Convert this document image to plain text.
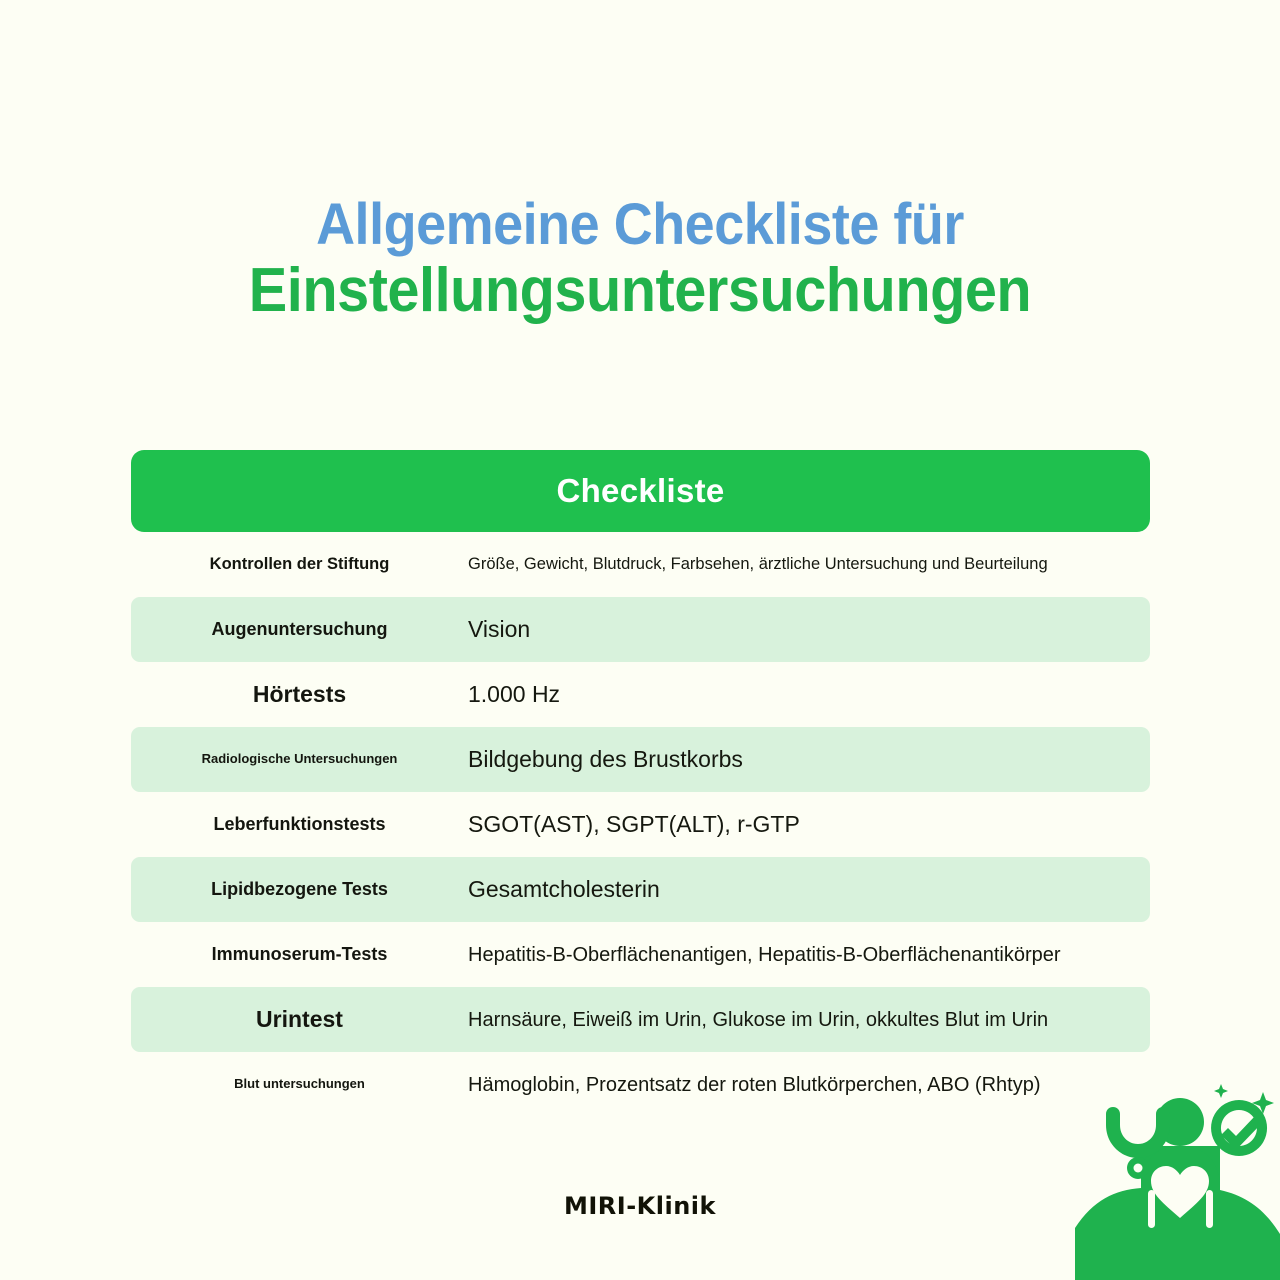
Allgemeine Checkliste für
Einstellungsuntersuchungen
Checkliste
Kontrollen der Stiftung	Größe, Gewicht, Blutdruck, Farbsehen, ärztliche Untersuchung und Beurteilung
Augenuntersuchung	Vision
Hörtests	1.000 Hz
Radiologische Untersuchungen	Bildgebung des Brustkorbs
Leberfunktionstests	SGOT(AST), SGPT(ALT), r-GTP
Lipidbezogene Tests	Gesamtcholesterin
Immunoserum-Tests	Hepatitis-B-Oberflächenantigen, Hepatitis-B-Oberflächenantikörper
Urintest	Harnsäure, Eiweiß im Urin, Glukose im Urin, okkultes Blut im Urin
Blut untersuchungen	Hämoglobin, Prozentsatz der roten Blutkörperchen, ABO (Rhtyp)
MIRI-Klinik
